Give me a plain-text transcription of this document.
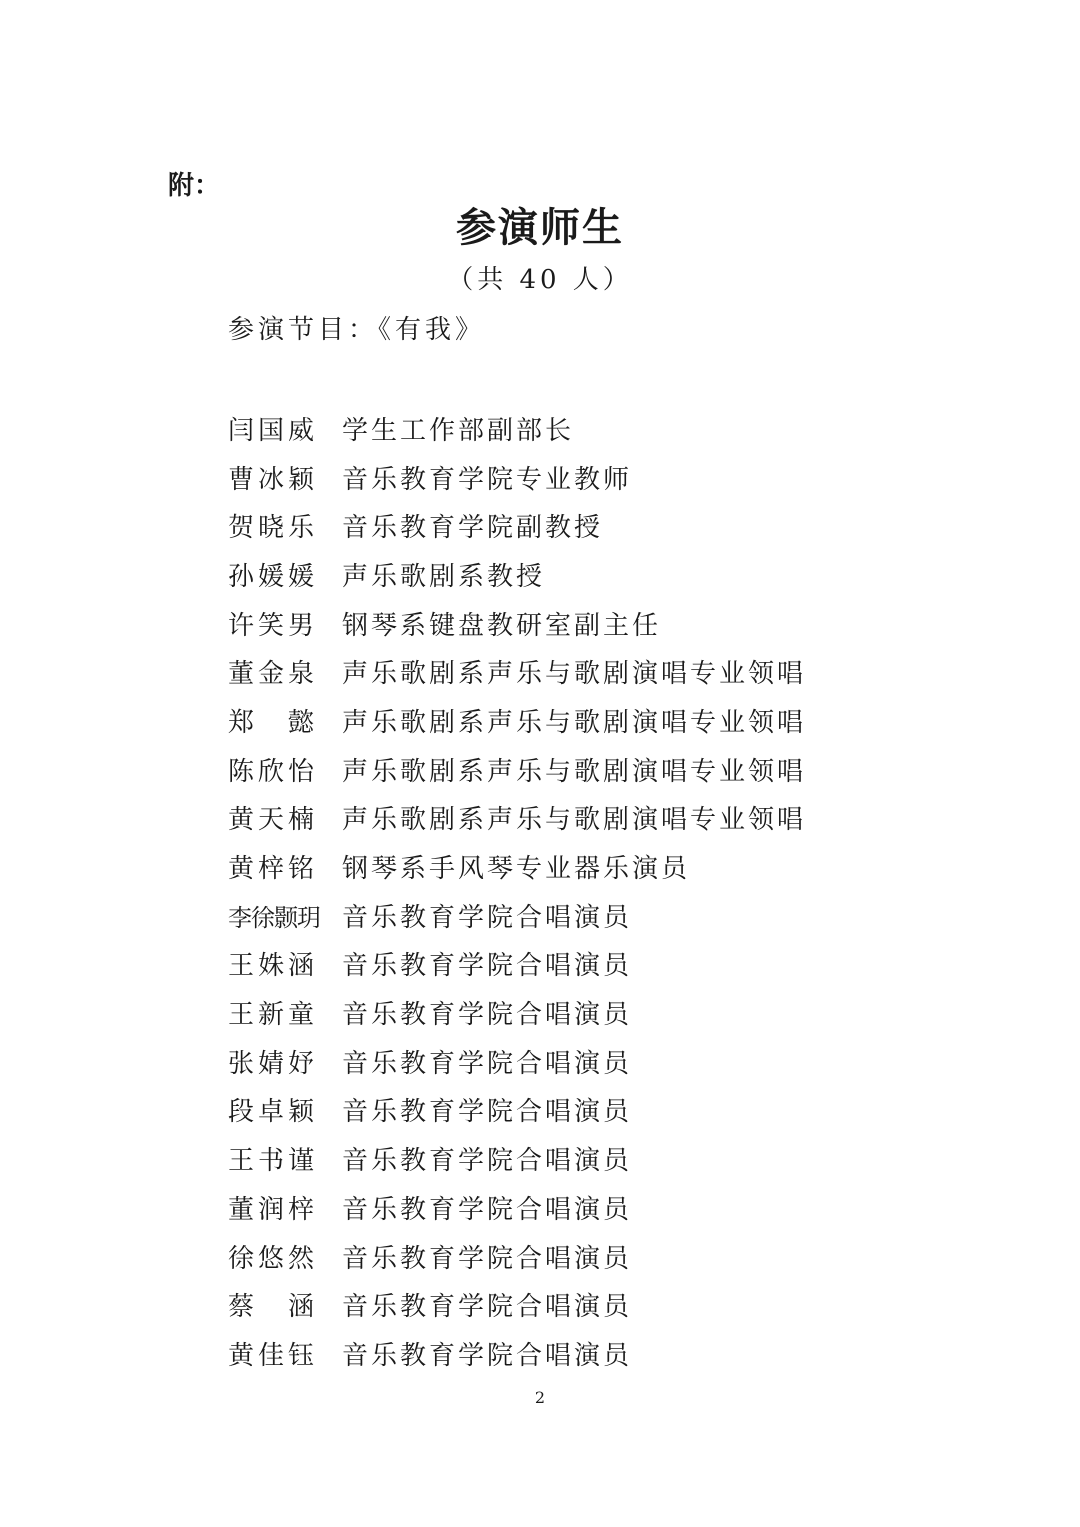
附：
参演师生
（共 40 人）
参演节目：《有我》
闫国威 学生工作部副部长
曹冰颖 音乐教育学院专业教师
贺晓乐 音乐教育学院副教授
孙媛媛 声乐歌剧系教授
许笑男 钢琴系键盘教研室副主任
董金泉 声乐歌剧系声乐与歌剧演唱专业领唱
郑　懿 声乐歌剧系声乐与歌剧演唱专业领唱
陈欣怡 声乐歌剧系声乐与歌剧演唱专业领唱
黄天楠 声乐歌剧系声乐与歌剧演唱专业领唱
黄梓铭 钢琴系手风琴专业器乐演员
李徐颢玥 音乐教育学院合唱演员
王姝涵 音乐教育学院合唱演员
王新童 音乐教育学院合唱演员
张婧妤 音乐教育学院合唱演员
段卓颖 音乐教育学院合唱演员
王书谨 音乐教育学院合唱演员
董润梓 音乐教育学院合唱演员
徐悠然 音乐教育学院合唱演员
蔡　涵 音乐教育学院合唱演员
黄佳钰 音乐教育学院合唱演员
2
